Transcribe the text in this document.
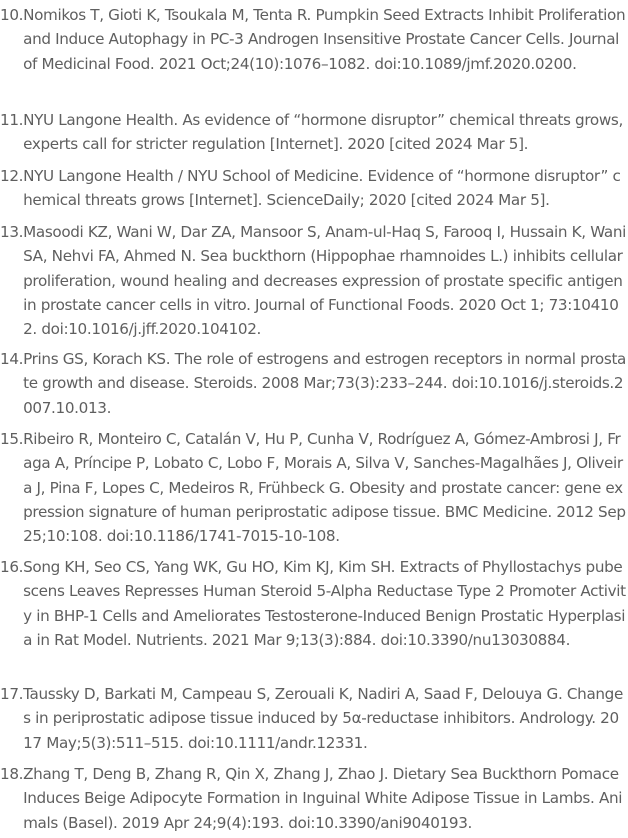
10. Nomikos T, Gioti K, Tsoukala M, Tenta R. Pumpkin Seed Extracts Inhibit Proliferation and Induce Autophagy in PC-3 Androgen Insensitive Prostate Cancer Cells. Journal of Medicinal Food. 2021 Oct;24(10):1076–1082. doi:10.1089/jmf.2020.0200.
11. NYU Langone Health. As evidence of “hormone disruptor” chemical threats grows, experts call for stricter regulation [Internet]. 2020 [cited 2024 Mar 5].
12. NYU Langone Health / NYU School of Medicine. Evidence of “hormone disruptor” chemical threats grows [Internet]. ScienceDaily; 2020 [cited 2024 Mar 5].
13. Masoodi KZ, Wani W, Dar ZA, Mansoor S, Anam-ul-Haq S, Farooq I, Hussain K, Wani SA, Nehvi FA, Ahmed N. Sea buckthorn (Hippophae rhamnoides L.) inhibits cellular proliferation, wound healing and decreases expression of prostate specific antigen in prostate cancer cells in vitro. Journal of Functional Foods. 2020 Oct 1; 73:104102. doi:10.1016/j.jff.2020.104102.
14. Prins GS, Korach KS. The role of estrogens and estrogen receptors in normal prostate growth and disease. Steroids. 2008 Mar;73(3):233–244. doi:10.1016/j.steroids.2007.10.013.
15. Ribeiro R, Monteiro C, Catalán V, Hu P, Cunha V, Rodríguez A, Gómez-Ambrosi J, Fraga A, Príncipe P, Lobato C, Lobo F, Morais A, Silva V, Sanches-Magalhães J, Oliveira J, Pina F, Lopes C, Medeiros R, Frühbeck G. Obesity and prostate cancer: gene expression signature of human periprostatic adipose tissue. BMC Medicine. 2012 Sep 25;10:108. doi:10.1186/1741-7015-10-108.
16. Song KH, Seo CS, Yang WK, Gu HO, Kim KJ, Kim SH. Extracts of Phyllostachys pubescens Leaves Represses Human Steroid 5-Alpha Reductase Type 2 Promoter Activity in BHP-1 Cells and Ameliorates Testosterone-Induced Benign Prostatic Hyperplasia in Rat Model. Nutrients. 2021 Mar 9;13(3):884. doi:10.3390/nu13030884.
17. Taussky D, Barkati M, Campeau S, Zerouali K, Nadiri A, Saad F, Delouya G. Changes in periprostatic adipose tissue induced by 5α-reductase inhibitors. Andrology. 2017 May;5(3):511–515. doi:10.1111/andr.12331.
18. Zhang T, Deng B, Zhang R, Qin X, Zhang J, Zhao J. Dietary Sea Buckthorn Pomace Induces Beige Adipocyte Formation in Inguinal White Adipose Tissue in Lambs. Animals (Basel). 2019 Apr 24;9(4):193. doi:10.3390/ani9040193.
